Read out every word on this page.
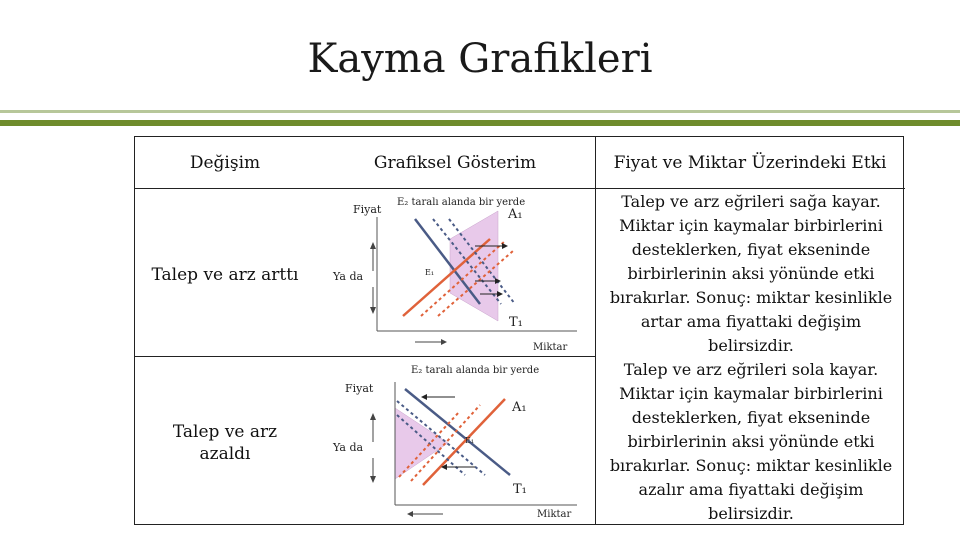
Kayma Grafikleri
Değişim	Grafiksel Gösterim	Fiyat ve Miktar Üzerindeki Etki
Talep ve arz arttı
Talep ve arz azaldı
Fiyat
Ya da
Miktar
E₂ taralı alanda bir yerde
A₁
T₁
E₁
Fiyat
Ya da
Miktar
E₂ taralı alanda bir yerde
A₁
T₁
E₁

Talep ve arz eğrileri sağa kayar. Miktar için kaymalar birbirlerini desteklerken, fiyat ekseninde birbirlerinin aksi yönünde etki bırakırlar. Sonuç: miktar kesinlikle artar ama fiyattaki değişim belirsizdir.

Talep ve arz eğrileri sola kayar. Miktar için kaymalar birbirlerini desteklerken, fiyat ekseninde birbirlerinin aksi yönünde etki bırakırlar. Sonuç: miktar kesinlikle azalır ama fiyattaki değişim belirsizdir.
